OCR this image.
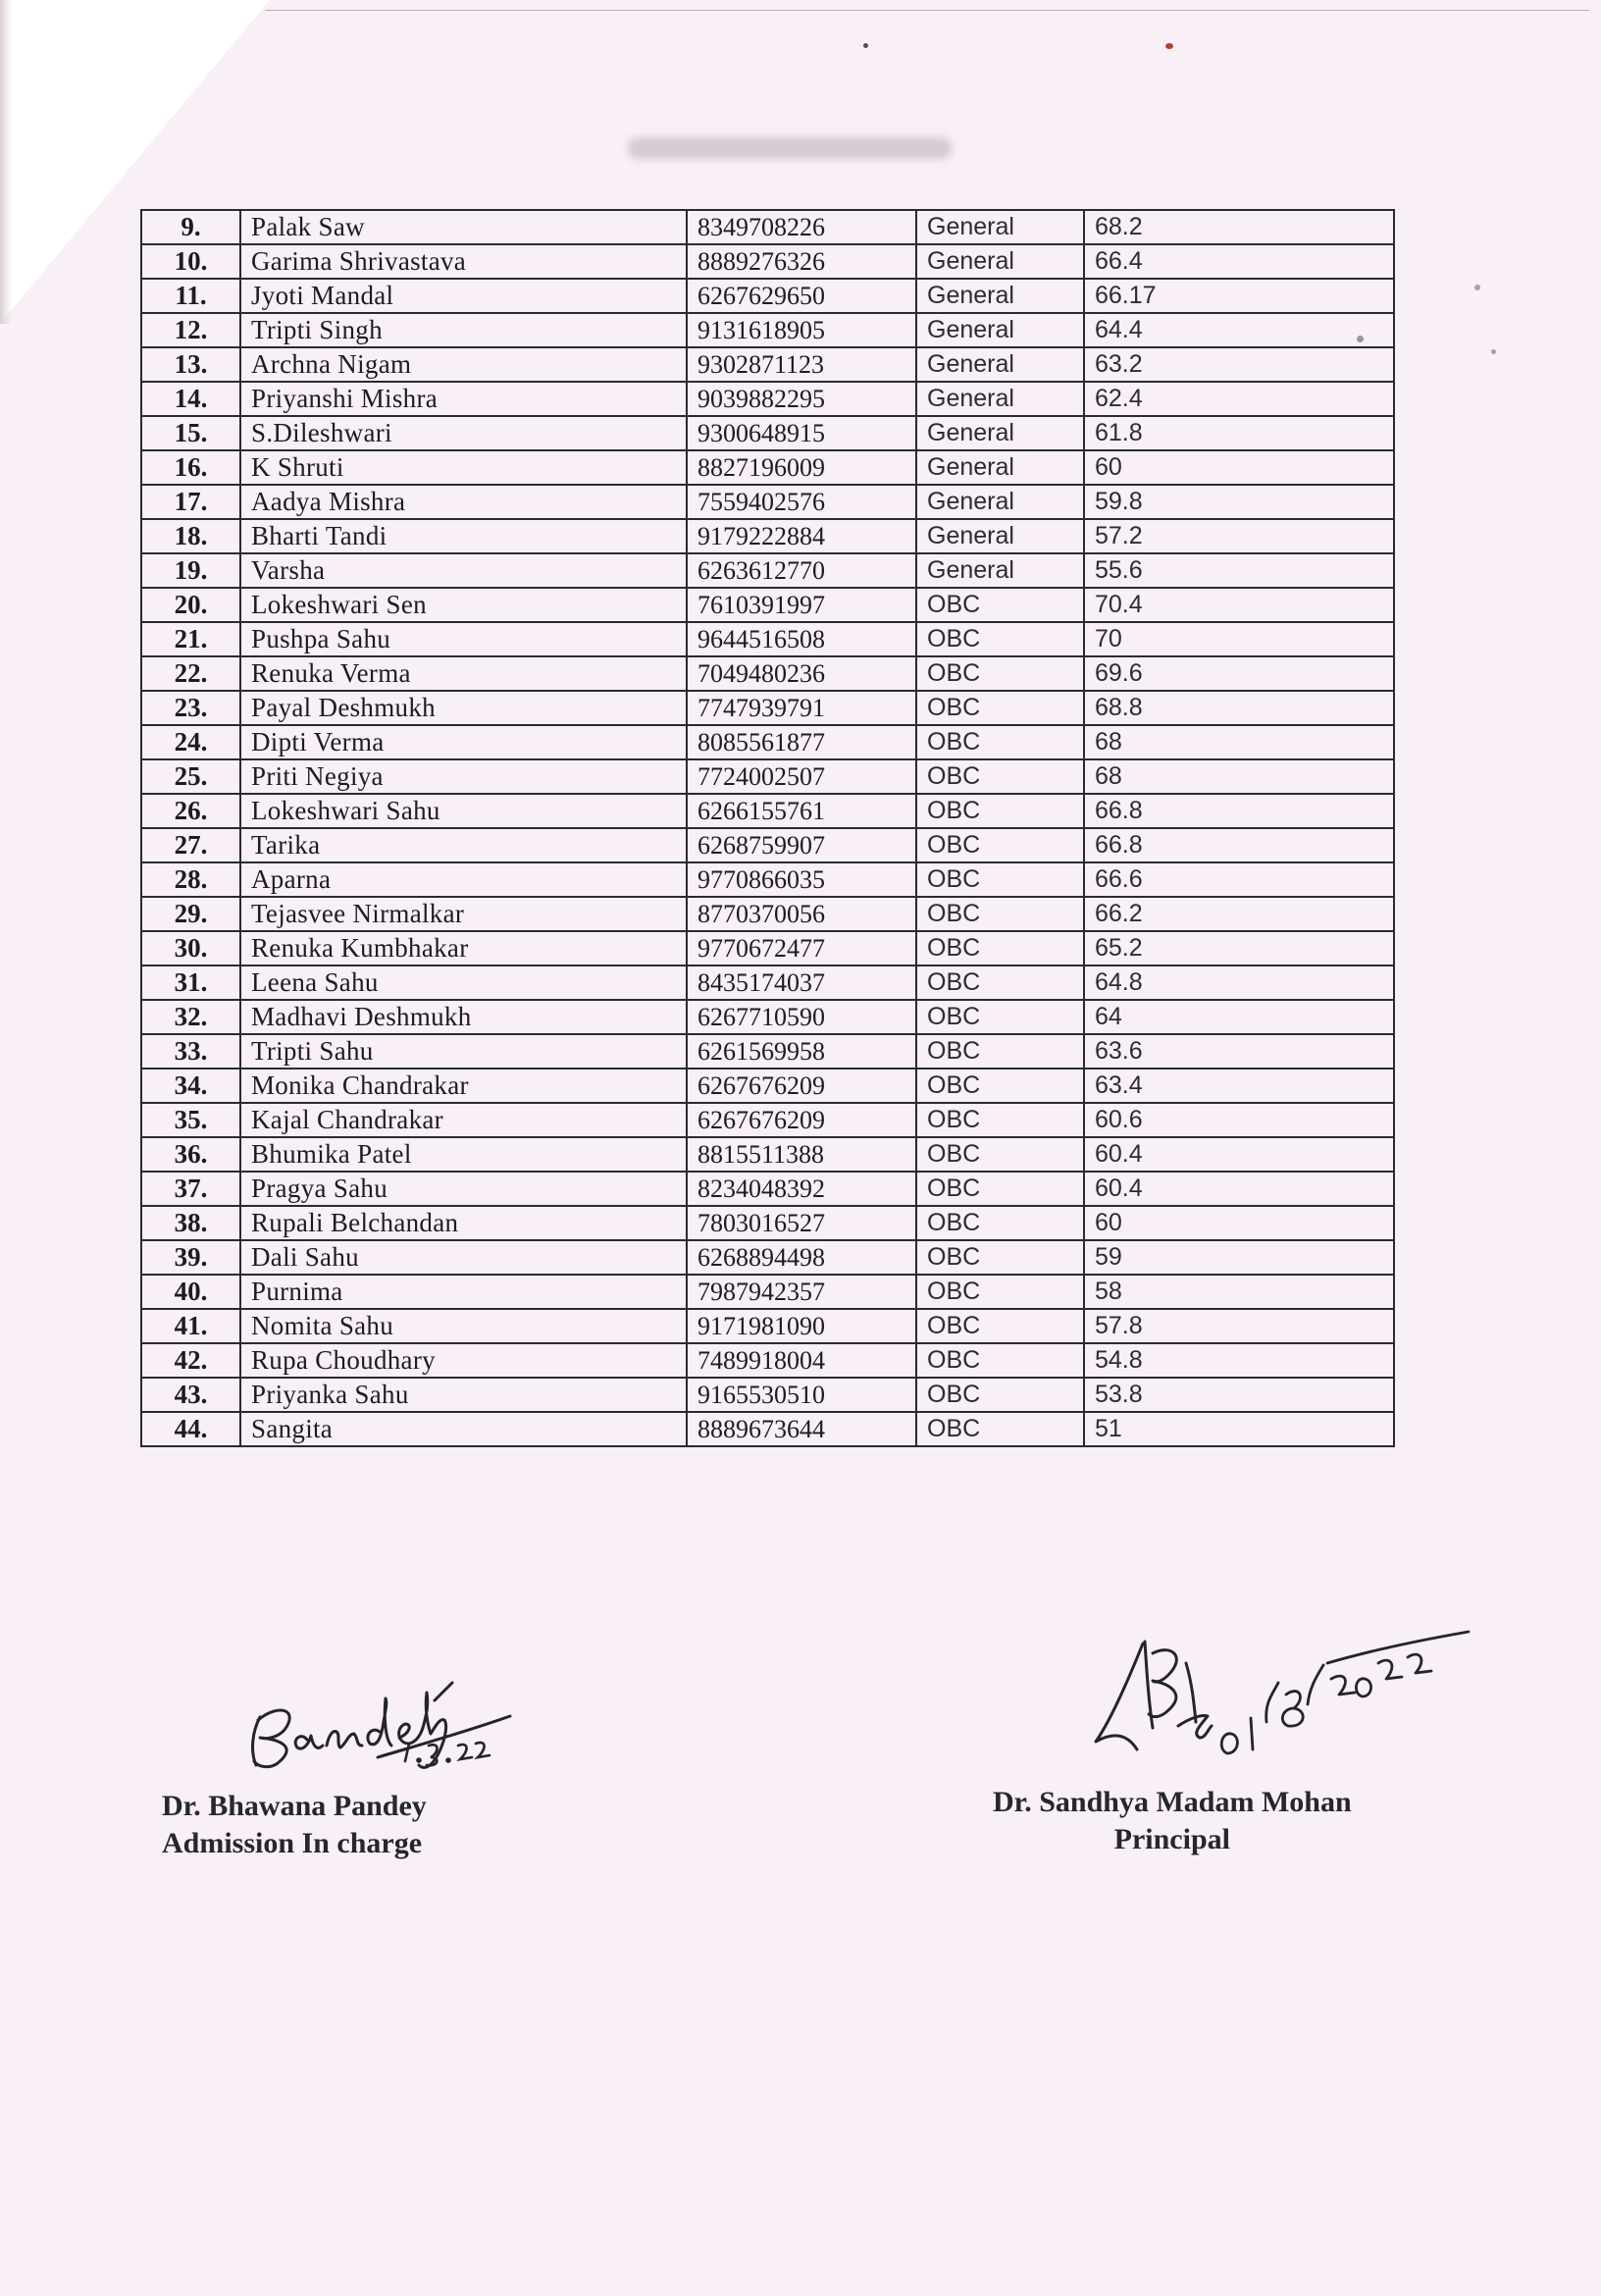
9.	Palak Saw	8349708226	General	68.2
10.	Garima Shrivastava	8889276326	General	66.4
11.	Jyoti Mandal	6267629650	General	66.17
12.	Tripti Singh	9131618905	General	64.4
13.	Archna Nigam	9302871123	General	63.2
14.	Priyanshi Mishra	9039882295	General	62.4
15.	S.Dileshwari	9300648915	General	61.8
16.	K Shruti	8827196009	General	60
17.	Aadya Mishra	7559402576	General	59.8
18.	Bharti Tandi	9179222884	General	57.2
19.	Varsha	6263612770	General	55.6
20.	Lokeshwari Sen	7610391997	OBC	70.4
21.	Pushpa Sahu	9644516508	OBC	70
22.	Renuka Verma	7049480236	OBC	69.6
23.	Payal Deshmukh	7747939791	OBC	68.8
24.	Dipti Verma	8085561877	OBC	68
25.	Priti Negiya	7724002507	OBC	68
26.	Lokeshwari Sahu	6266155761	OBC	66.8
27.	Tarika	6268759907	OBC	66.8
28.	Aparna	9770866035	OBC	66.6
29.	Tejasvee Nirmalkar	8770370056	OBC	66.2
30.	Renuka Kumbhakar	9770672477	OBC	65.2
31.	Leena Sahu	8435174037	OBC	64.8
32.	Madhavi Deshmukh	6267710590	OBC	64
33.	Tripti Sahu	6261569958	OBC	63.6
34.	Monika Chandrakar	6267676209	OBC	63.4
35.	Kajal Chandrakar	6267676209	OBC	60.6
36.	Bhumika Patel	8815511388	OBC	60.4
37.	Pragya Sahu	8234048392	OBC	60.4
38.	Rupali Belchandan	7803016527	OBC	60
39.	Dali Sahu	6268894498	OBC	59
40.	Purnima	7987942357	OBC	58
41.	Nomita Sahu	9171981090	OBC	57.8
42.	Rupa Choudhary	7489918004	OBC	54.8
43.	Priyanka Sahu	9165530510	OBC	53.8
44.	Sangita	8889673644	OBC	51
Dr. Bhawana Pandey
Admission In charge
Dr. Sandhya Madam Mohan
Principal
